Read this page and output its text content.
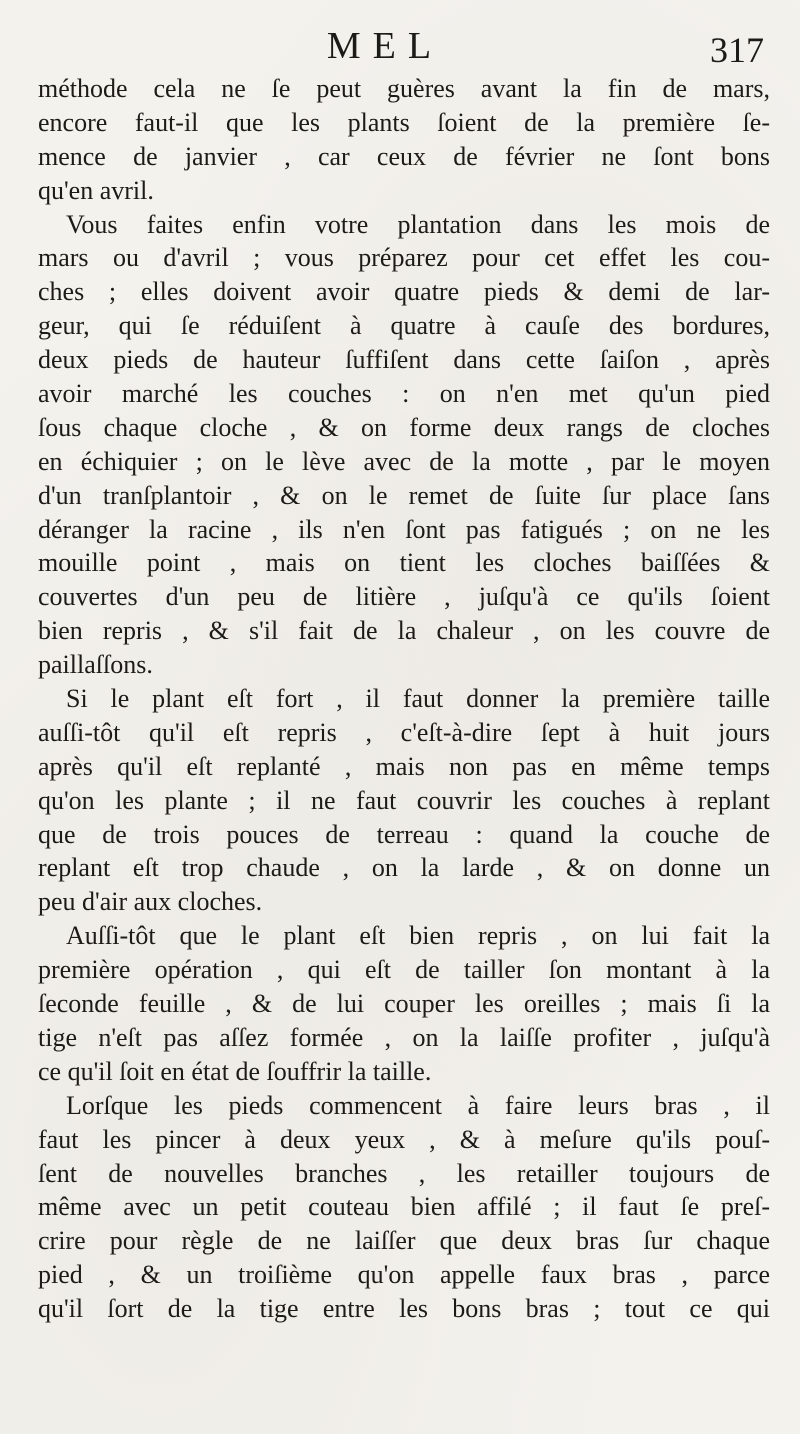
MEL	317
méthode cela ne ſe peut guères avant la fin de mars,
encore faut-il que les plants ſoient de la première ſe-
mence de janvier , car ceux de février ne ſont bons
qu'en avril.
Vous faites enfin votre plantation dans les mois de
mars ou d'avril ; vous préparez pour cet effet les cou-
ches ; elles doivent avoir quatre pieds & demi de lar-
geur, qui ſe réduiſent à quatre à cauſe des bordures,
deux pieds de hauteur ſuffiſent dans cette ſaiſon , après
avoir marché les couches : on n'en met qu'un pied
ſous chaque cloche , & on forme deux rangs de cloches
en échiquier ; on le lève avec de la motte , par le moyen
d'un tranſplantoir , & on le remet de ſuite ſur place ſans
déranger la racine , ils n'en ſont pas fatigués ; on ne les
mouille point , mais on tient les cloches baiſſées &
couvertes d'un peu de litière , juſqu'à ce qu'ils ſoient
bien repris , & s'il fait de la chaleur , on les couvre de
paillaſſons.
Si le plant eſt fort , il faut donner la première taille
auſſi-tôt qu'il eſt repris , c'eſt-à-dire ſept à huit jours
après qu'il eſt replanté , mais non pas en même temps
qu'on les plante ; il ne faut couvrir les couches à replant
que de trois pouces de terreau : quand la couche de
replant eſt trop chaude , on la larde , & on donne un
peu d'air aux cloches.
Auſſi-tôt que le plant eſt bien repris , on lui fait la
première opération , qui eſt de tailler ſon montant à la
ſeconde feuille , & de lui couper les oreilles ; mais ſi la
tige n'eſt pas aſſez formée , on la laiſſe profiter , juſqu'à
ce qu'il ſoit en état de ſouffrir la taille.
Lorſque les pieds commencent à faire leurs bras , il
faut les pincer à deux yeux , & à meſure qu'ils pouſ-
ſent de nouvelles branches , les retailler toujours de
même avec un petit couteau bien affilé ; il faut ſe preſ-
crire pour règle de ne laiſſer que deux bras ſur chaque
pied , & un troiſième qu'on appelle faux bras , parce
qu'il ſort de la tige entre les bons bras ; tout ce qui
